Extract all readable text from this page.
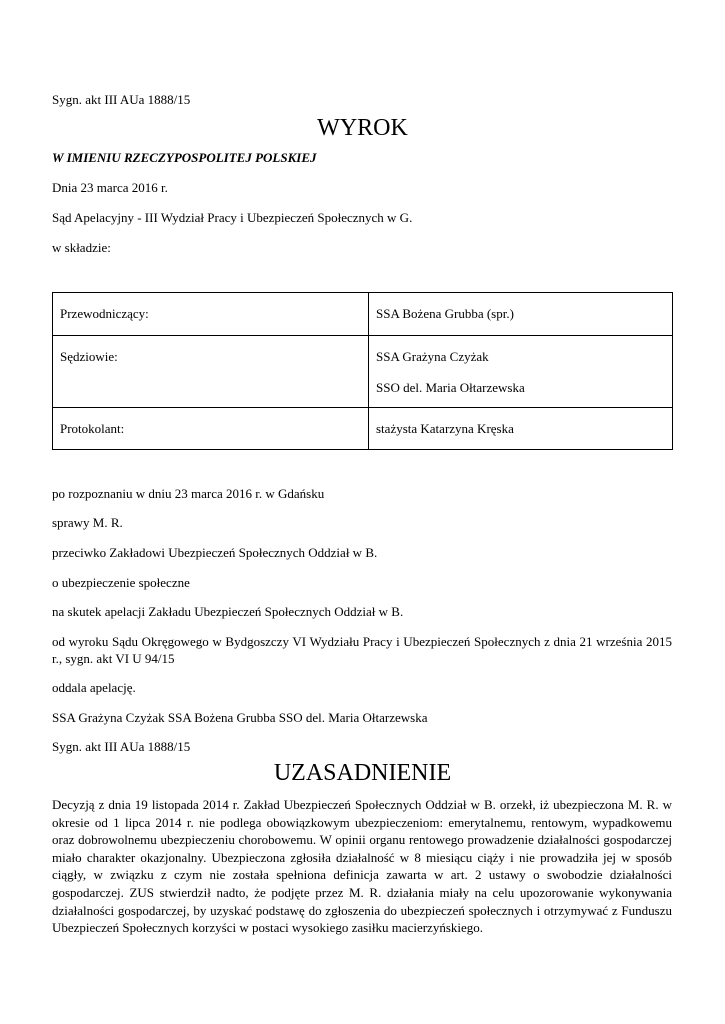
Sygn. akt III AUa 1888/15

WYROK

W IMIENIU RZECZYPOSPOLITEJ POLSKIEJ

Dnia 23 marca 2016 r.

Sąd Apelacyjny - III Wydział Pracy i Ubezpieczeń Społecznych w G.

w składzie:

Przewodniczący:	SSA Bożena Grubba (spr.)

Sędziowie:	SSA Grażyna Czyżak

SSO del. Maria Ołtarzewska

Protokolant:	stażysta Katarzyna Kręska

po rozpoznaniu w dniu 23 marca 2016 r. w Gdańsku

sprawy M. R.

przeciwko Zakładowi Ubezpieczeń Społecznych Oddział w B.

o ubezpieczenie społeczne

na skutek apelacji Zakładu Ubezpieczeń Społecznych Oddział w B.

od wyroku Sądu Okręgowego w Bydgoszczy VI Wydziału Pracy i Ubezpieczeń Społecznych z dnia 21 września 2015 r., sygn. akt VI U 94/15

oddala apelację.

SSA Grażyna Czyżak SSA Bożena Grubba SSO del. Maria Ołtarzewska

Sygn. akt III AUa 1888/15

UZASADNIENIE

Decyzją z dnia 19 listopada 2014 r. Zakład Ubezpieczeń Społecznych Oddział w B. orzekł, iż ubezpieczona M. R. w okresie od 1 lipca 2014 r. nie podlega obowiązkowym ubezpieczeniom: emerytalnemu, rentowym, wypadkowemu oraz dobrowolnemu ubezpieczeniu chorobowemu. W opinii organu rentowego prowadzenie działalności gospodarczej miało charakter okazjonalny. Ubezpieczona zgłosiła działalność w 8 miesiącu ciąży i nie prowadziła jej w sposób ciągły, w związku z czym nie została spełniona definicja zawarta w art. 2 ustawy o swobodzie działalności gospodarczej. ZUS stwierdził nadto, że podjęte przez M. R. działania miały na celu upozorowanie wykonywania działalności gospodarczej, by uzyskać podstawę do zgłoszenia do ubezpieczeń społecznych i otrzymywać z Funduszu Ubezpieczeń Społecznych korzyści w postaci wysokiego zasiłku macierzyńskiego.
